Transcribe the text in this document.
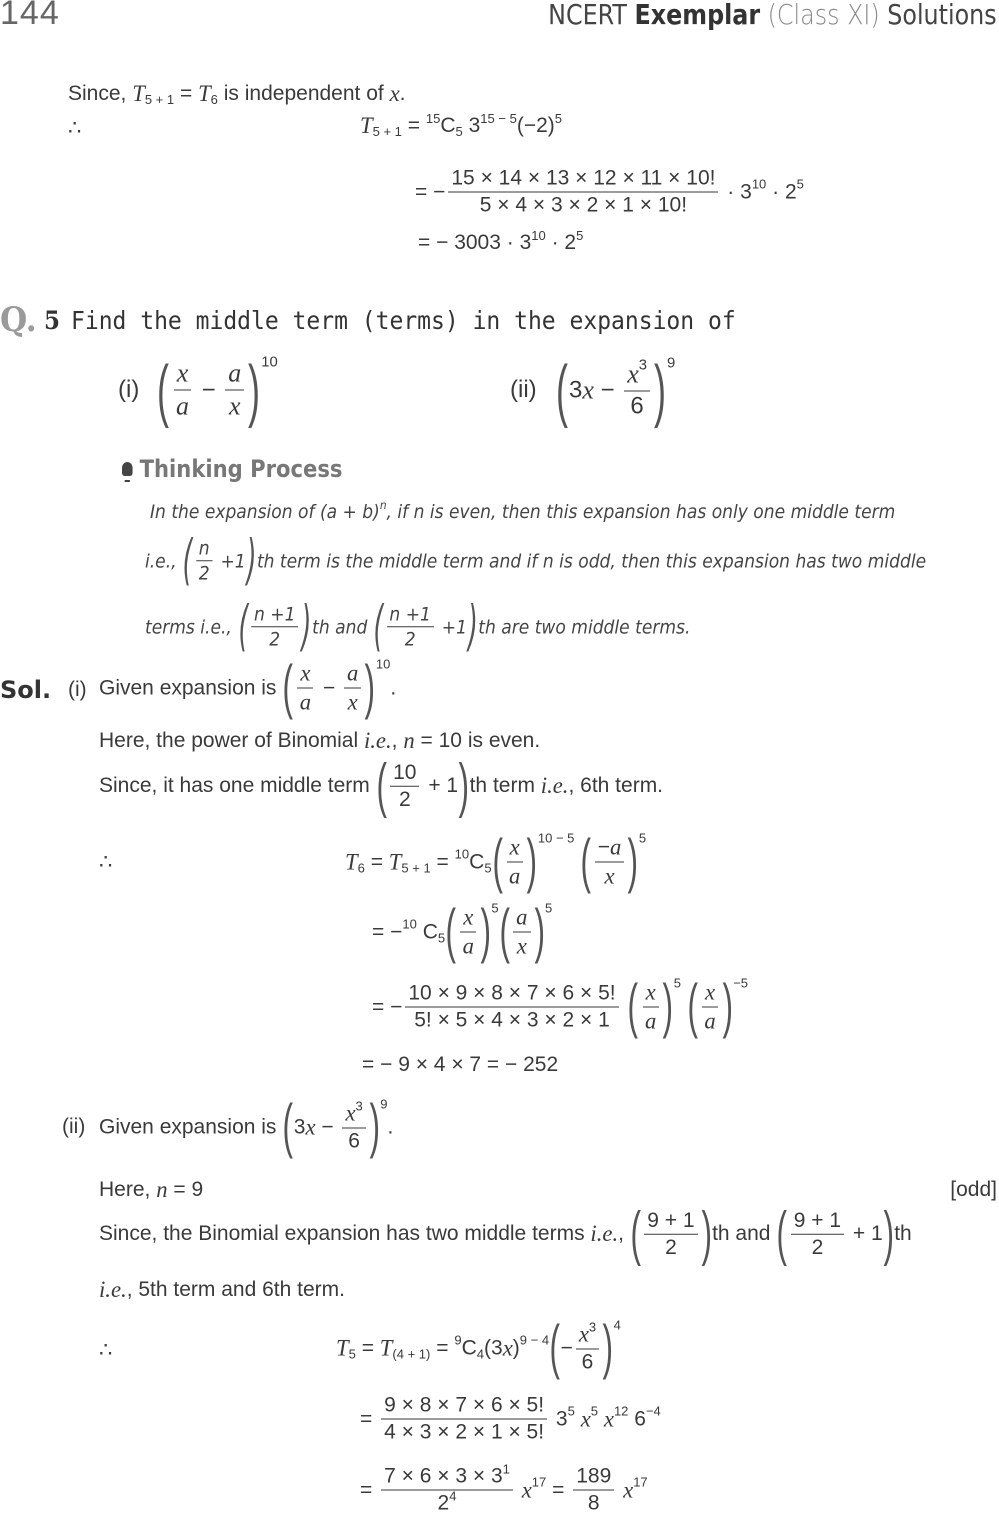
144	NCERT Exemplar (Class XI) Solutions
Since, T 5 + 1 = T 6 is independent of x .
∴	T 5 + 1 = 15 C 5 3 15 − 5 (−2) 5
= − $\frac{15 \times 14 \times 13 \times 12 \times 11 \times 10!}{5 \times 4 \times 3 \times 2 \times 1 \times 10!} \cdot 3$ 10 · 2 5
= − 3003 · 3 10 · 2 5
Q. 5 Find the middle term (terms) in the expansion of
(i) ( $\frac{x}{a} - \frac{a}{x}$ ) 10
(ii) ( 3 $x - \frac{x 3}{6}$ ) 9
Thinking Process
In the expansion of (a + b) n , if n is even, then this expansion has only one middle term
i.e., ( $\frac{n}{2} +1$ ) th term is the middle term and if n is odd, then this expansion has two middle
terms i.e., ( $\frac{n +1}{2}$ ) th and ( $\frac{n +1}{2} +1$ ) th are two middle terms.
Sol. (i) Given expansion is ( $\frac{x}{a} - \frac{a}{x}$ ) 10
.
Here, the power of Binomial i.e. , n = 10 is even.
Since, it has one middle term ( $\frac{10}{2} + 1$ ) th term i.e. , 6th term.
∴	T 6 = T 5 + 1 = 10 C 5 ( $\frac{x}{a}$ ) 10 − 5
( $\frac{- a}{x}$ ) 5
= − 10 C 5 ( $\frac{x}{a}$ ) 5 ( $\frac{a}{x}$ ) 5
= − $\frac{10 \times 9 \times 8 \times 7 \times 6 \times 5!}{5! \times 5 \times 4 \times 3 \times 2 \times 1}$
( $\frac{x}{a}$ ) 5
( $\frac{x}{a}$ ) −5
= − 9 × 4 × 7 = − 252
(ii) Given expansion is ( 3 $x - \frac{x 3}{6}$ ) 9
.
Here, n = 9	[odd]
Since, the Binomial expansion has two middle terms i.e. , ( $\frac{9 + 1}{2}$ ) th and ( $\frac{9 + 1}{2} + 1$ ) th
i.e. , 5th term and 6th term.
∴	T 5 = T (4 + 1) = 9 C 4 (3 x ) 9 − 4 ( − $\frac{x 3}{6}$ ) 4
= $\frac{9 \times 8 \times 7 \times 6 \times 5!}{4 \times 3 \times 2 \times 1 \times 5!} 3$ 5
x 5
x 12 6 −4
= $\frac{7 \times 6 \times 3 \times 3 1}{2 4}$
x $17 = \frac{189}{8}$
x 17
